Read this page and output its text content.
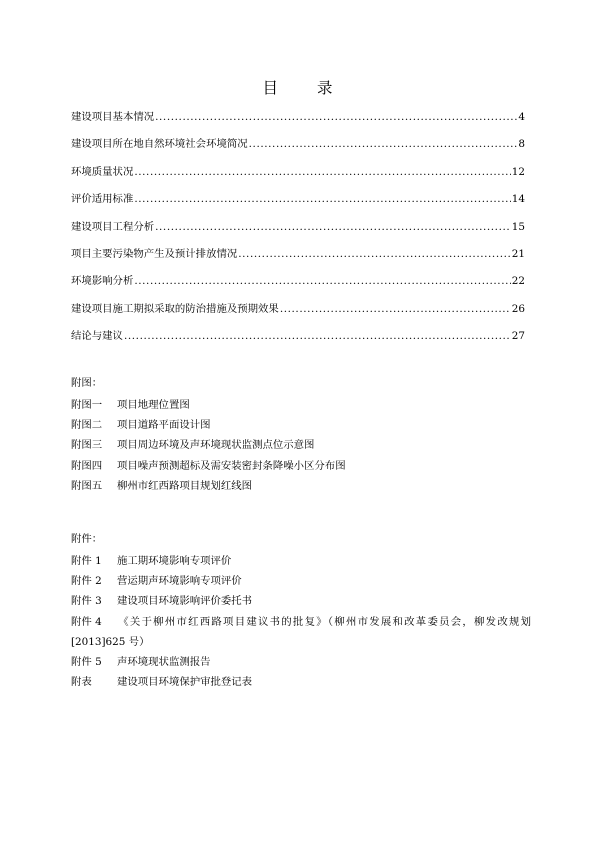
目 录
建设项目基本情况 .....	4
建设项目所在地自然环境社会环境简况 .....	8
环境质量状况 .....	12
评价适用标准 .....	14
建设项目工程分析 .....	15
项目主要污染物产生及预计排放情况 .....	21
环境影响分析 .....	22
建设项目施工期拟采取的防治措施及预期效果 .....	26
结论与建议 .....	27
附图：
附图一 项目地理位置图
附图二 项目道路平面设计图
附图三 项目周边环境及声环境现状监测点位示意图
附图四 项目噪声预测超标及需安装密封条降噪小区分布图
附图五 柳州市红西路项目规划红线图
附件：
附件 1 施工期环境影响专项评价
附件 2 营运期声环境影响专项评价
附件 3 建设项目环境影响评价委托书
附件 4 《关于柳州市红西路项目建议书的批复》（柳州市发展和改革委员会，柳发改规划[2013]625 号）
附件 5 声环境现状监测报告
附表 建设项目环境保护审批登记表
